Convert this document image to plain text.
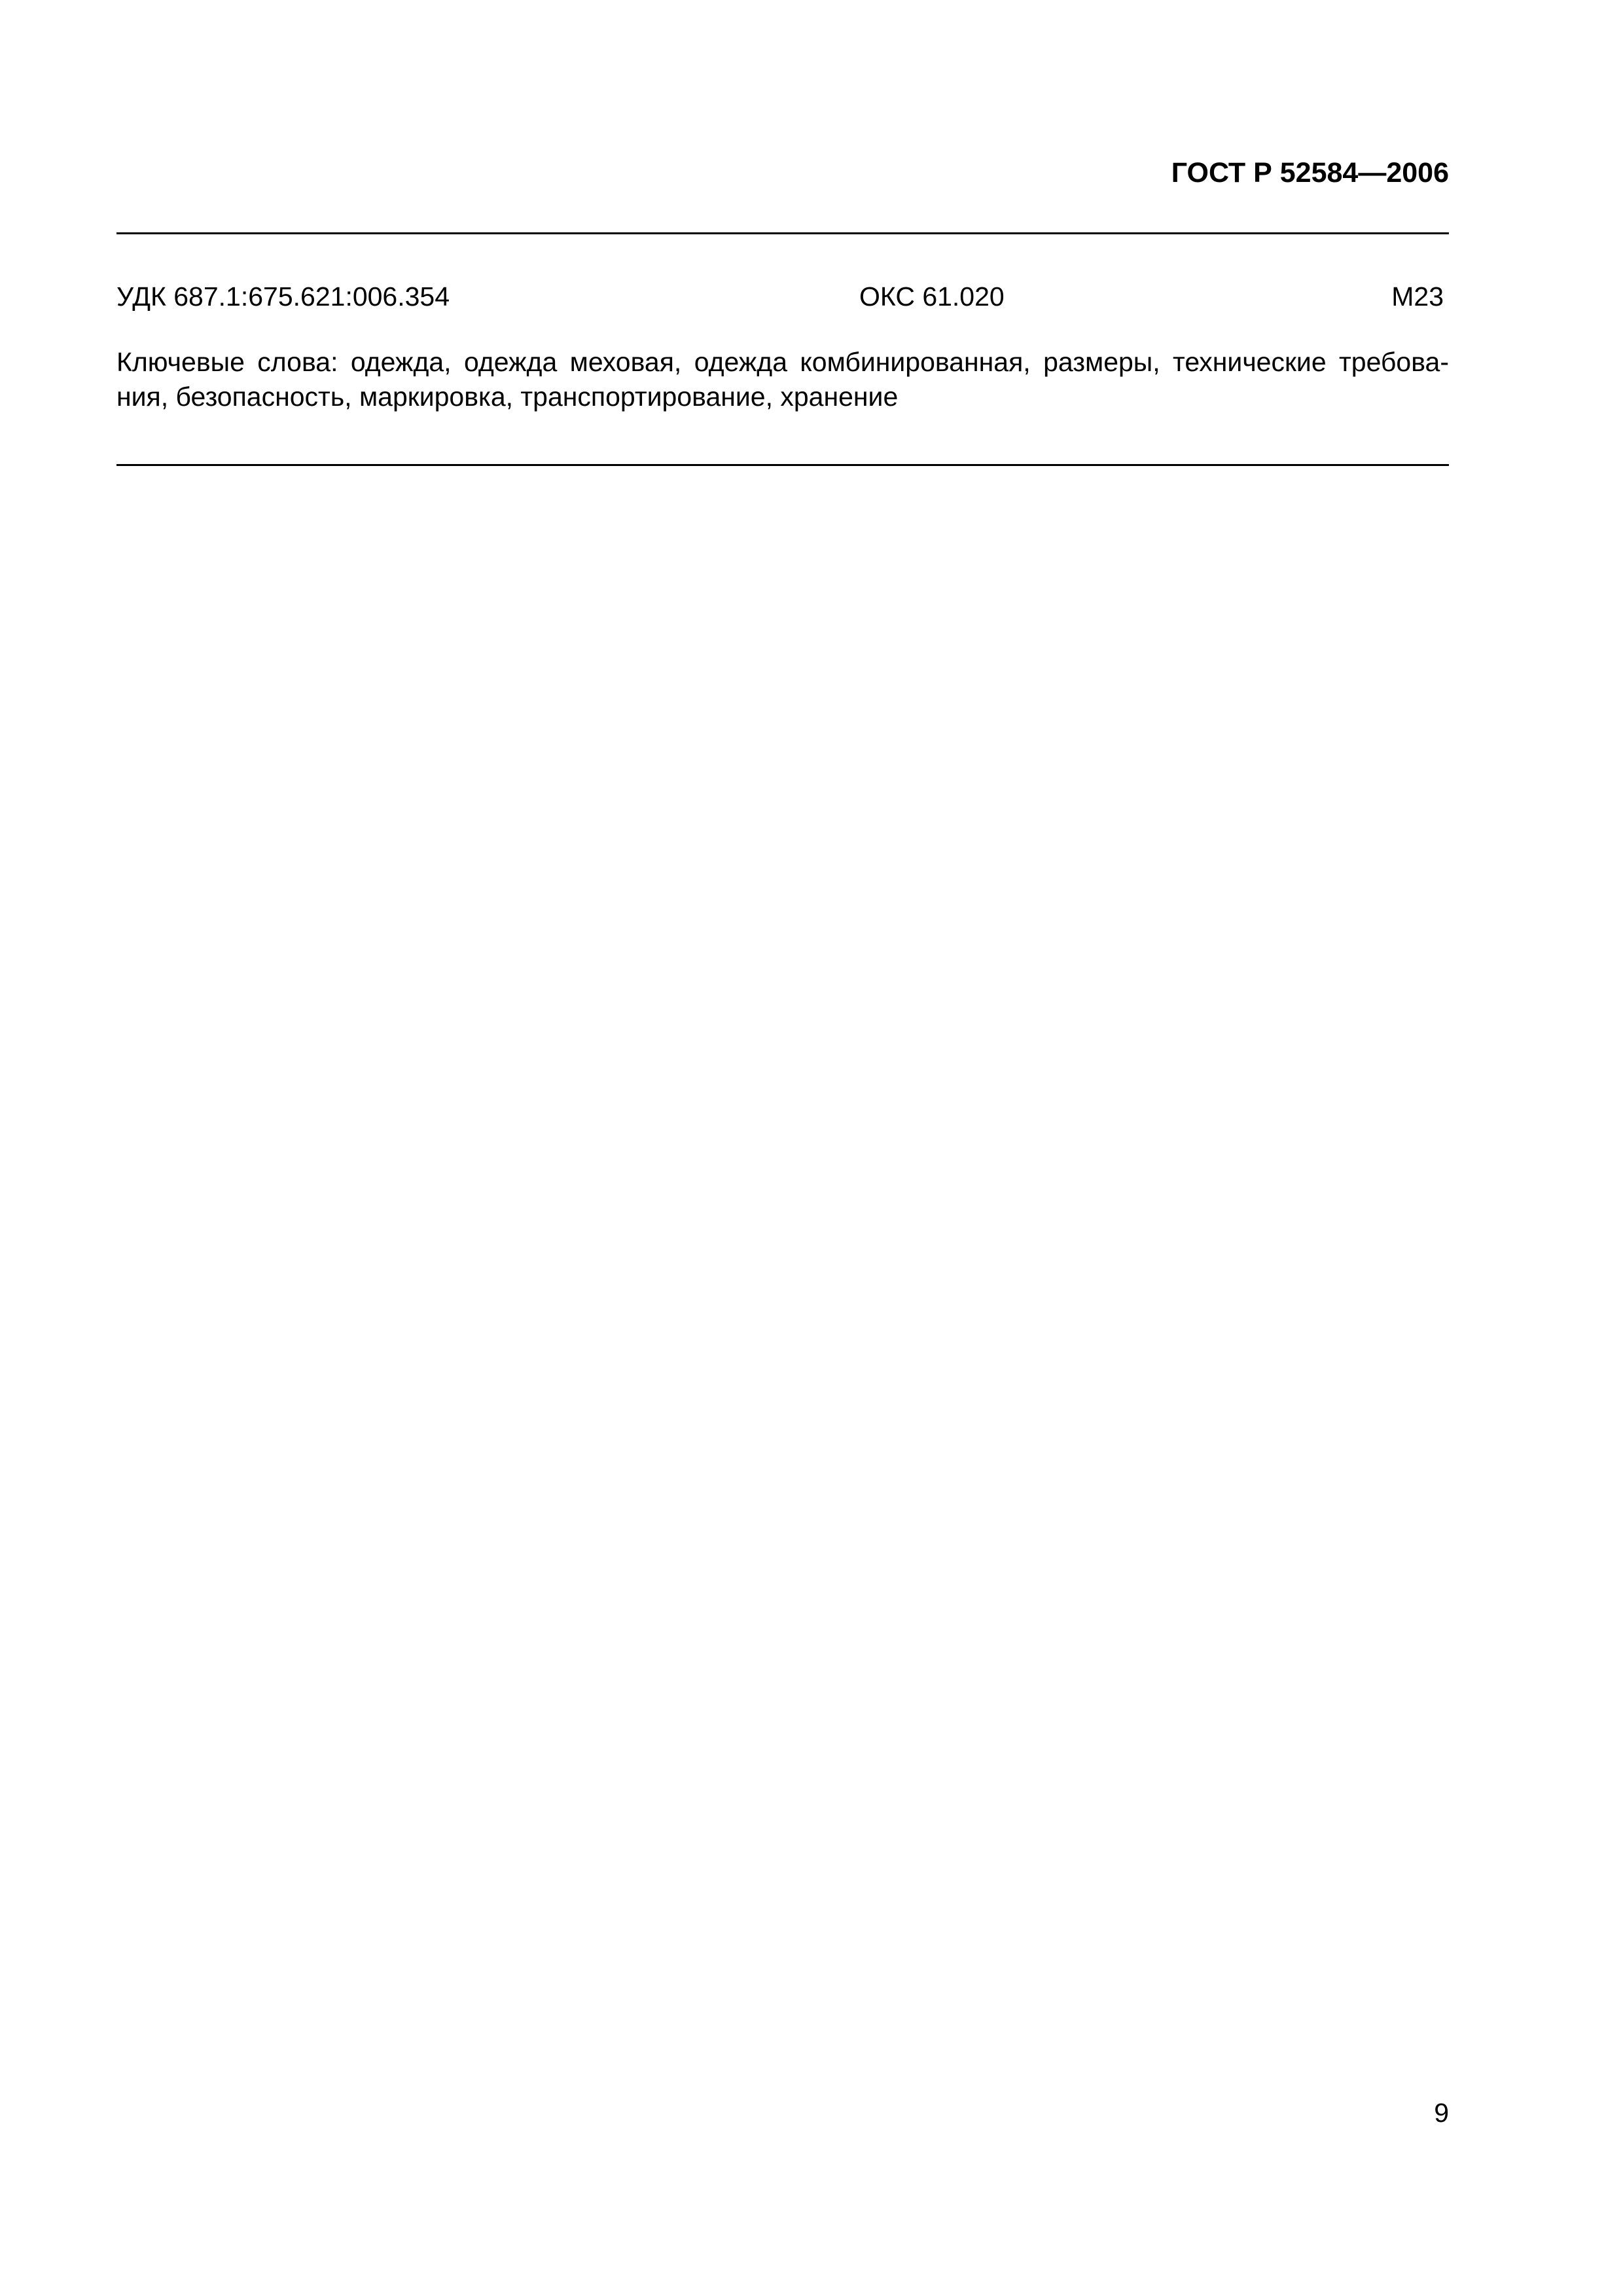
ГОСТ Р 52584—2006
УДК 687.1:675.621:006.354	ОКС 61.020	М23
Ключевые слова: одежда, одежда меховая, одежда комбинированная, размеры, технические требова-
ния, безопасность, маркировка, транспортирование, хранение
9
